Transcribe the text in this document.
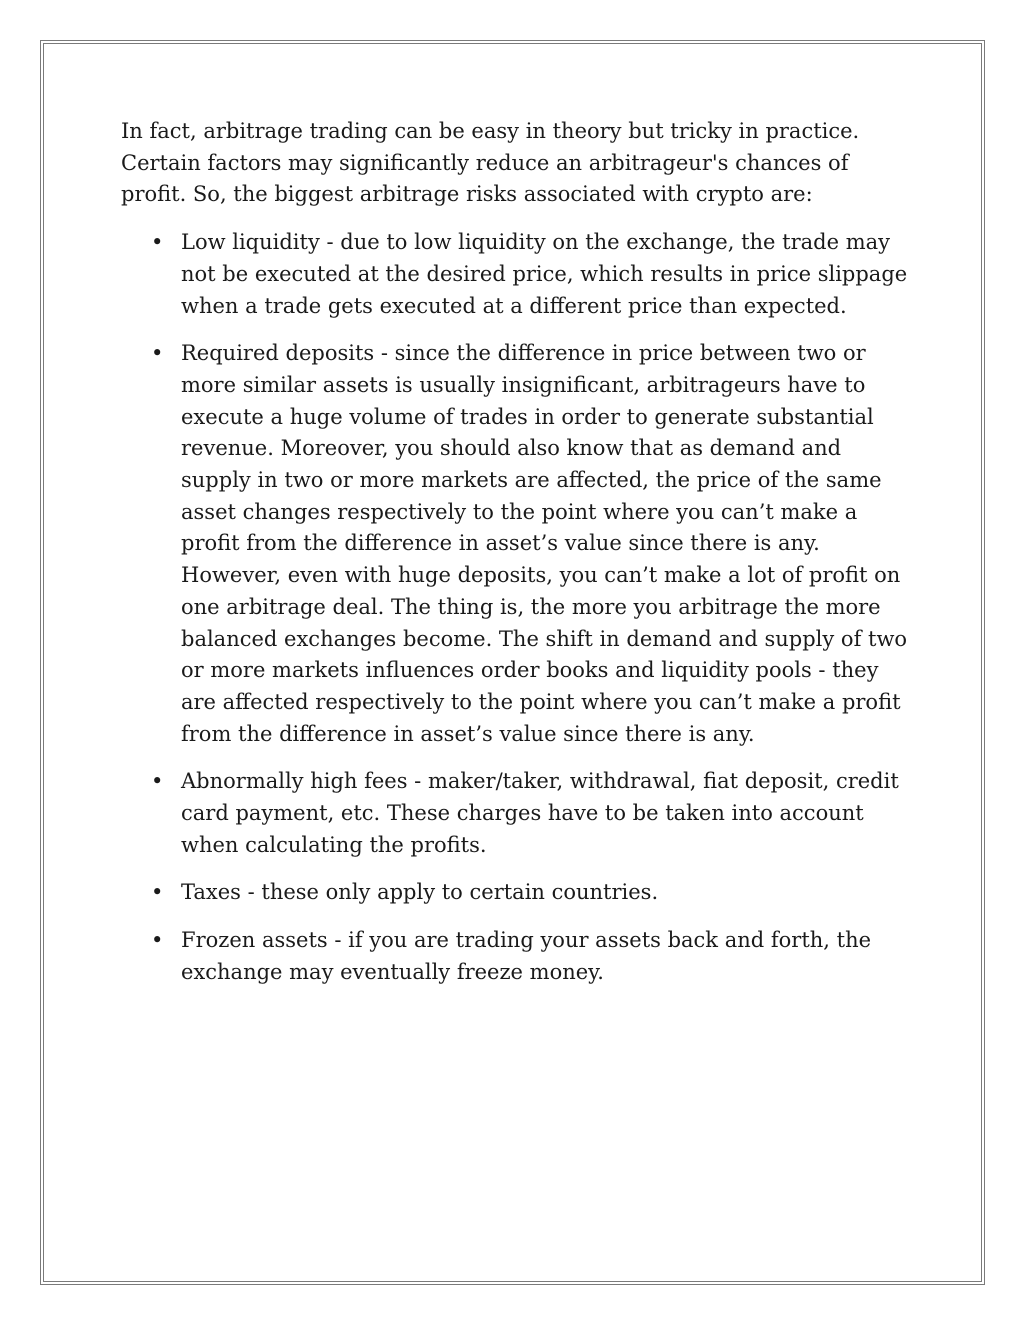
In fact, arbitrage trading can be easy in theory but tricky in practice. Certain factors may significantly reduce an arbitrageur's chances of profit. So, the biggest arbitrage risks associated with crypto are:

• Low liquidity - due to low liquidity on the exchange, the trade may not be executed at the desired price, which results in price slippage when a trade gets executed at a different price than expected.
• Required deposits - since the difference in price between two or more similar assets is usually insignificant, arbitrageurs have to execute a huge volume of trades in order to generate substantial revenue. Moreover, you should also know that as demand and supply in two or more markets are affected, the price of the same asset changes respectively to the point where you can’t make a profit from the difference in asset’s value since there is any. However, even with huge deposits, you can’t make a lot of profit on one arbitrage deal. The thing is, the more you arbitrage the more balanced exchanges become. The shift in demand and supply of two or more markets influences order books and liquidity pools - they are affected respectively to the point where you can’t make a profit from the difference in asset’s value since there is any.
• Abnormally high fees - maker/taker, withdrawal, fiat deposit, credit card payment, etc. These charges have to be taken into account when calculating the profits.
• Taxes - these only apply to certain countries.
• Frozen assets - if you are trading your assets back and forth, the exchange may eventually freeze money.
